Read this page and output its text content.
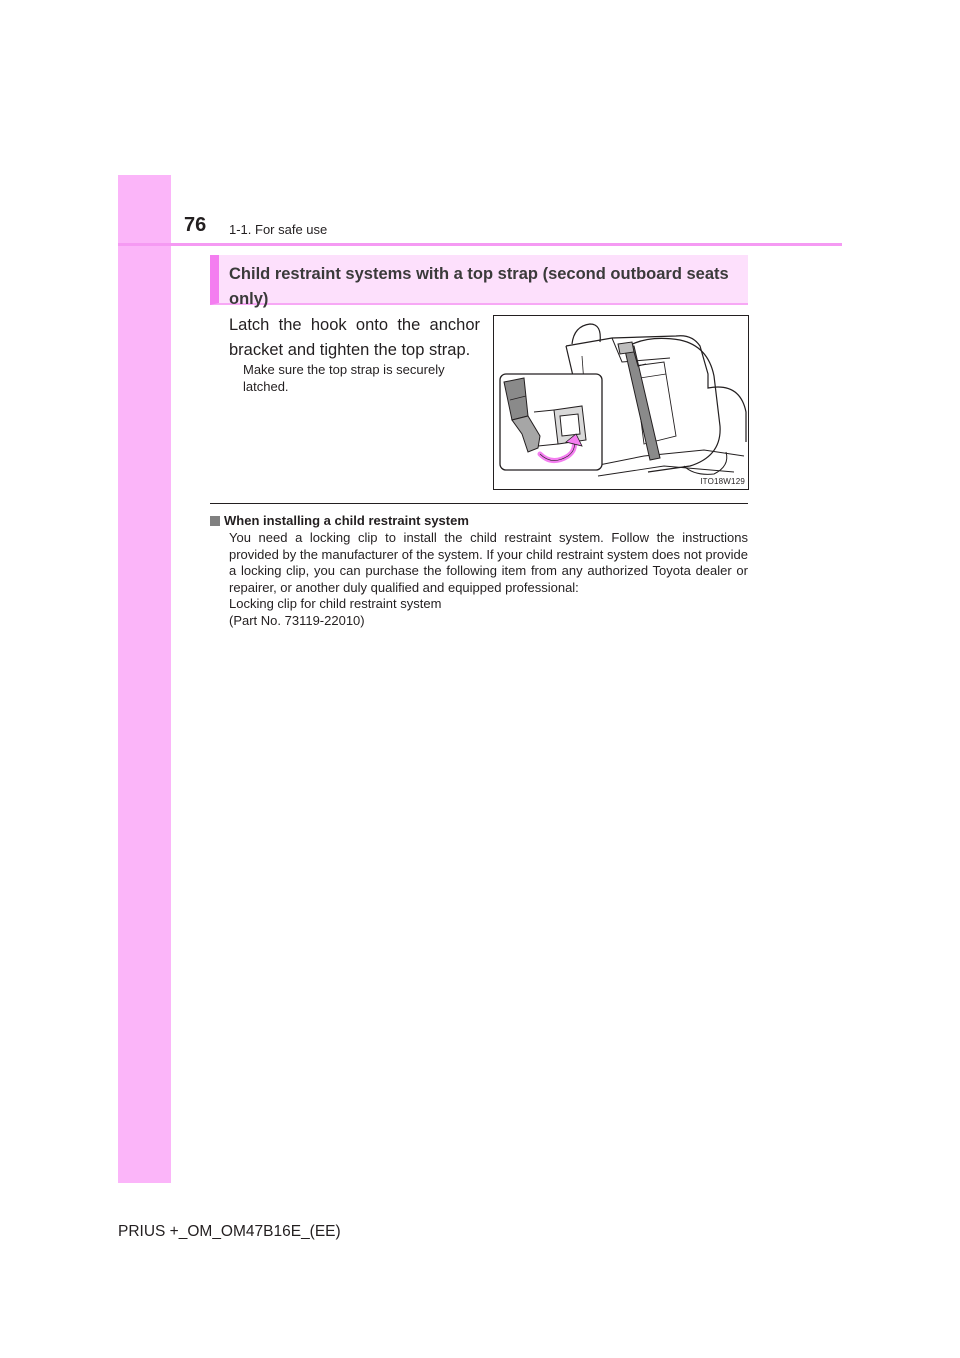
76 1-1. For safe use
Child restraint systems with a top strap (second outboard seats
only)
Latch the hook onto the anchor bracket and tighten the top strap.
Make sure the top strap is securely latched.
ITO18W129
When installing a child restraint system
You need a locking clip to install the child restraint system. Follow the instructions provided by the manufacturer of the system. If your child restraint system does not provide a locking clip, you can purchase the following item from any authorized Toyota dealer or repairer, or another duly qualified and equipped professional:
Locking clip for child restraint system
(Part No. 73119-22010)
PRIUS +_OM_OM47B16E_(EE)
